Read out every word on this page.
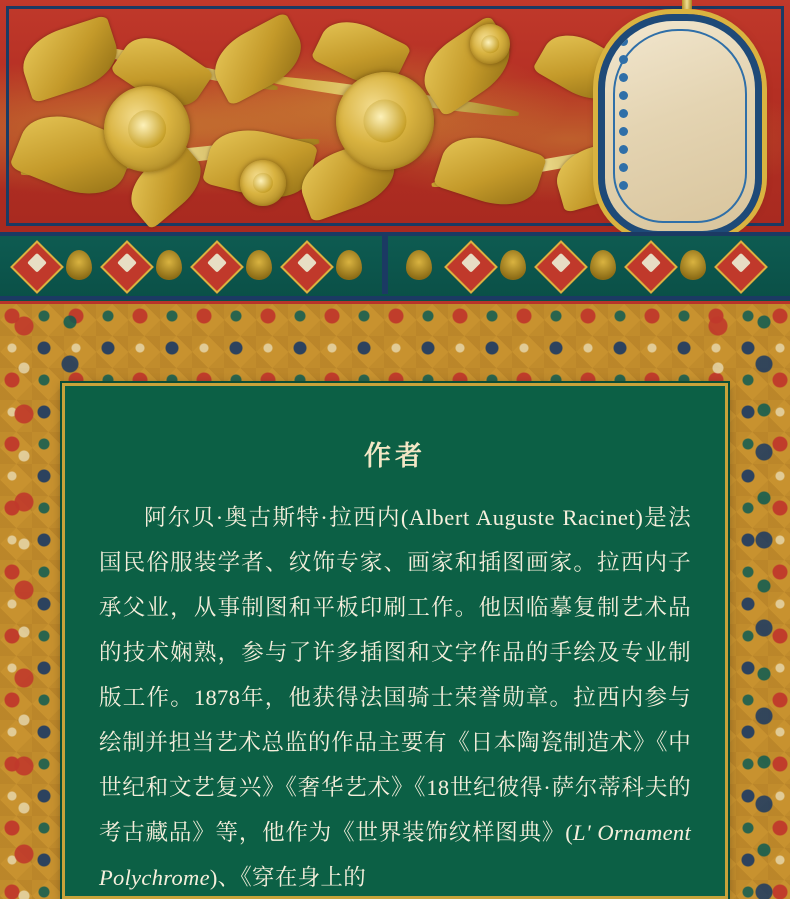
作者
阿尔贝·奥古斯特·拉西内(Albert Auguste Racinet)是法国民俗服装学者、纹饰专家、画家和插图画家。拉西内子承父业，从事制图和平板印刷工作。他因临摹复制艺术品的技术娴熟，参与了许多插图和文字作品的手绘及专业制版工作。1878年，他获得法国骑士荣誉勋章。拉西内参与绘制并担当艺术总监的作品主要有《日本陶瓷制造术》《中世纪和文艺复兴》《奢华艺术》《18世纪彼得·萨尔蒂科夫的考古藏品》等，他作为《世界装饰纹样图典》(L' Ornament Polychrome)、《穿在身上的
